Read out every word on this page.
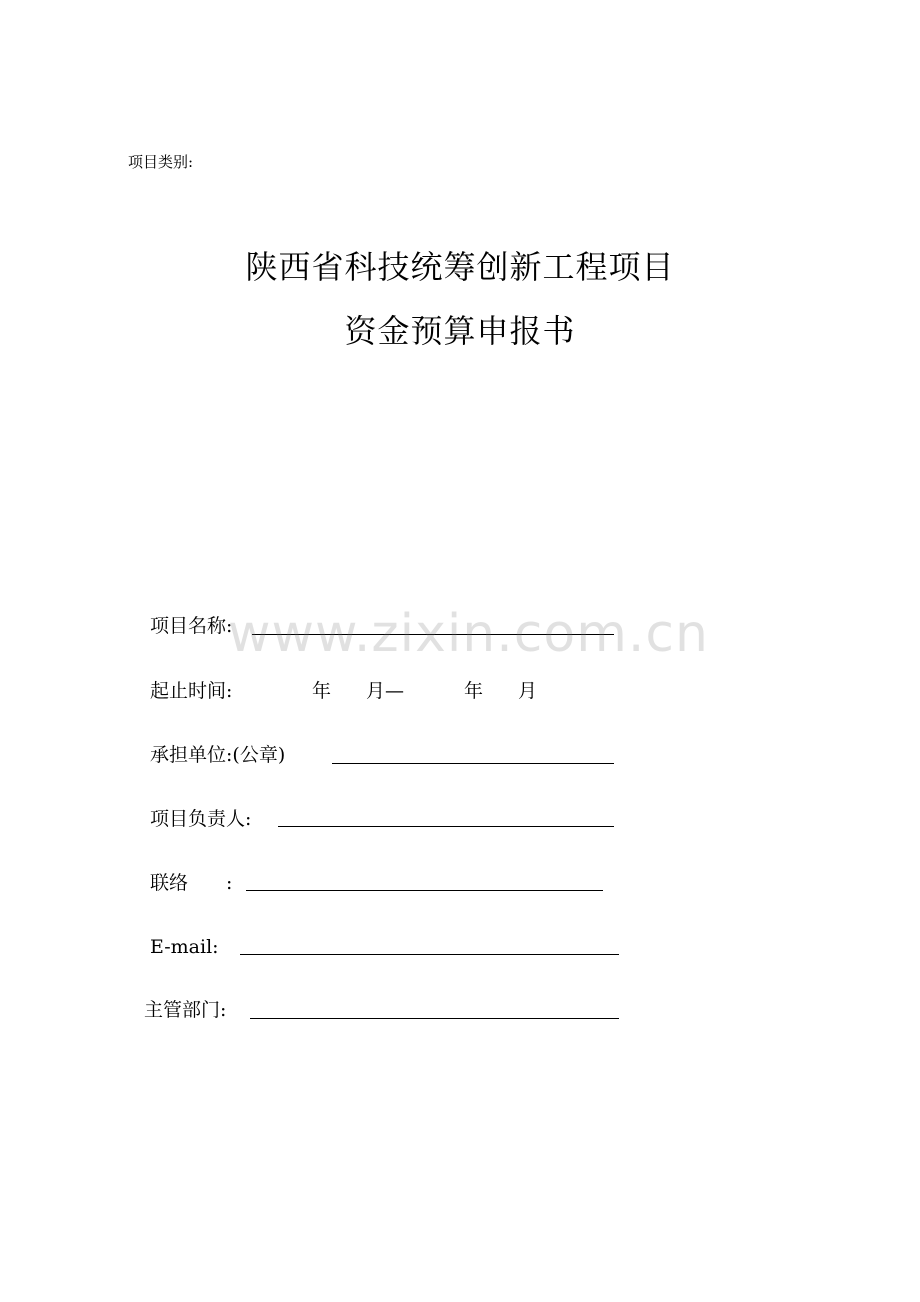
项目类别:
陕西省科技统筹创新工程项目
资金预算申报书
项目名称:
起止时间:	年 月—	年 月
承担单位:(公章)
项目负责人:
联络 :
E-mail:
主管部门:
www.zixin.com.cn
